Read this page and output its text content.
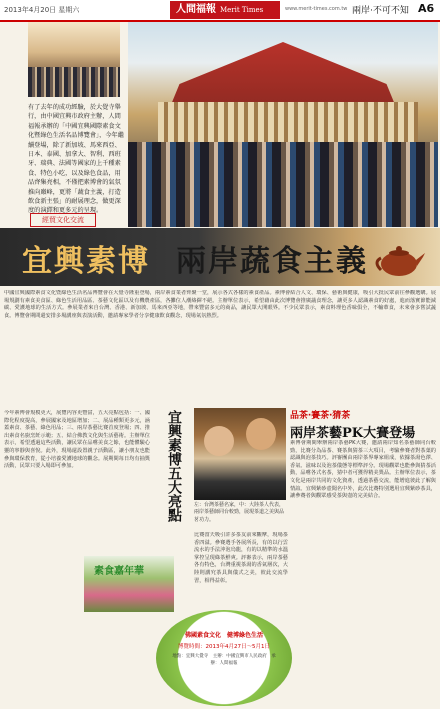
2013年4月20日 星期六	人間福報 Merit Times	www.merit-times.com.tw 兩岸‧不可不知 A6
有了去年的成功經驗，於大覺寺舉行，由中國宜興市政府主辦，人間福報承辦的「中國宜興國際素食文化暨綠色生活名品博覽會」，今年繼續登場，除了新加坡、馬來西亞、日本、泰國、加拿大、智利、西班牙、瑞典、法國等國家的上千種素食、特色小吃，以及綠色食品，用品齊集亮相，不僅把素博會的氣氛推向巔峰，更將「蔬食主義，打造飲食新主張」的耐展理念，做更深度的演繹和更多元的呈現。
經貿文化交流
宜興素博 兩岸蔬食主義
中國宜興國際素食文化暨綠色生活名品博覽會在大覺寺隆重登場，兩岸素食業者齊聚一堂，展示各式各樣的素食產品。素博會結合人文、環保、藝術與健康，吸引大批民眾前往參觀選購。展場規劃有素食美食區、綠色生活用品區、茶藝文化區以及有機農產區，各攤位人潮絡繹不絕。主辦單位表示，希望藉由此次博覽會推廣蔬食理念，讓更多人認識素食的好處，進而落實節能減碳、愛護地球的生活方式。參展業者來自台灣、香港、新加坡、馬來西亞等地，帶來豐富多元的商品，讓民眾大開眼界。不少民眾表示，素食料理色香味俱全，不輸葷食，未來會多嘗試蔬食。博覽會期間還安排多場講座與表演活動，邀請專家學者分享健康飲食觀念，現場氣氛熱烈。
今年素博會規模更大，展覽內容更豐富，五大亮點包括：一、國際化程度提高，參展國家及地區增加；二、展品種類更多元，涵蓋素食、茶藝、綠色用品；三、兩岸茶藝比賽首度登場；四、推出素食名廚烹飪示範；五、結合佛教文化與生活藝術。主辦單位表示，希望透過這些活動，讓民眾在品嚐美食之餘，也能體驗心靈的寧靜與喜悅。此外，現場還設置親子活動區，讓小朋友也能參與環保教育，從小培養愛護地球的觀念。展期間每日均有抽獎活動，民眾只要入場即可參加。	宜興素博五大亮點 左：台灣茶藝名家，中：大陸茶人代表，兩岸茶藝師同台較勁，展現茶道之美與品茗功力。
品茶‧賽茶‧猜茶
兩岸茶藝PK大賽登場
素博會期間舉辦兩岸茶藝PK大賽，邀請兩岸知名茶藝師同台較勁，比賽分為品茶、賽茶與猜茶三大項目，考驗參賽者對茶葉的認識與泡茶技巧。評審團由兩岸茶界專家組成，依據茶湯色澤、香氣、滋味以及泡茶儀態等標準評分。現場觀眾也能參與猜茶活動，品嚐各式名茶，猜中者可獲得精美獎品。主辦單位表示，茶文化是兩岸共同的文化資產，透過茶藝交流，能增進彼此了解與情誼。宜興紫砂壺聞名中外，此次比賽特別選用宜興紫砂茶具，讓參賽者與觀眾感受茶與壺的完美結合。
比賽當天吸引許多茶友前來觀摩，現場茶香四溢。參賽選手各展所長，有的以行雲流水的手法沖泡烏龍，有的以精準的水溫掌控呈現綠茶鮮爽。評審表示，兩岸茶藝各有特色，台灣重視茶湯的香氣層次，大陸則講究茶具與儀式之美，彼此交流學習，相得益彰。
素食嘉年華
佛國素食文化　健博綠色生活
博覽時間：2013年4月27日～5月1日
地點：宜興大覺寺　主辦：中國宜興市人民政府　承辦：人間福報
